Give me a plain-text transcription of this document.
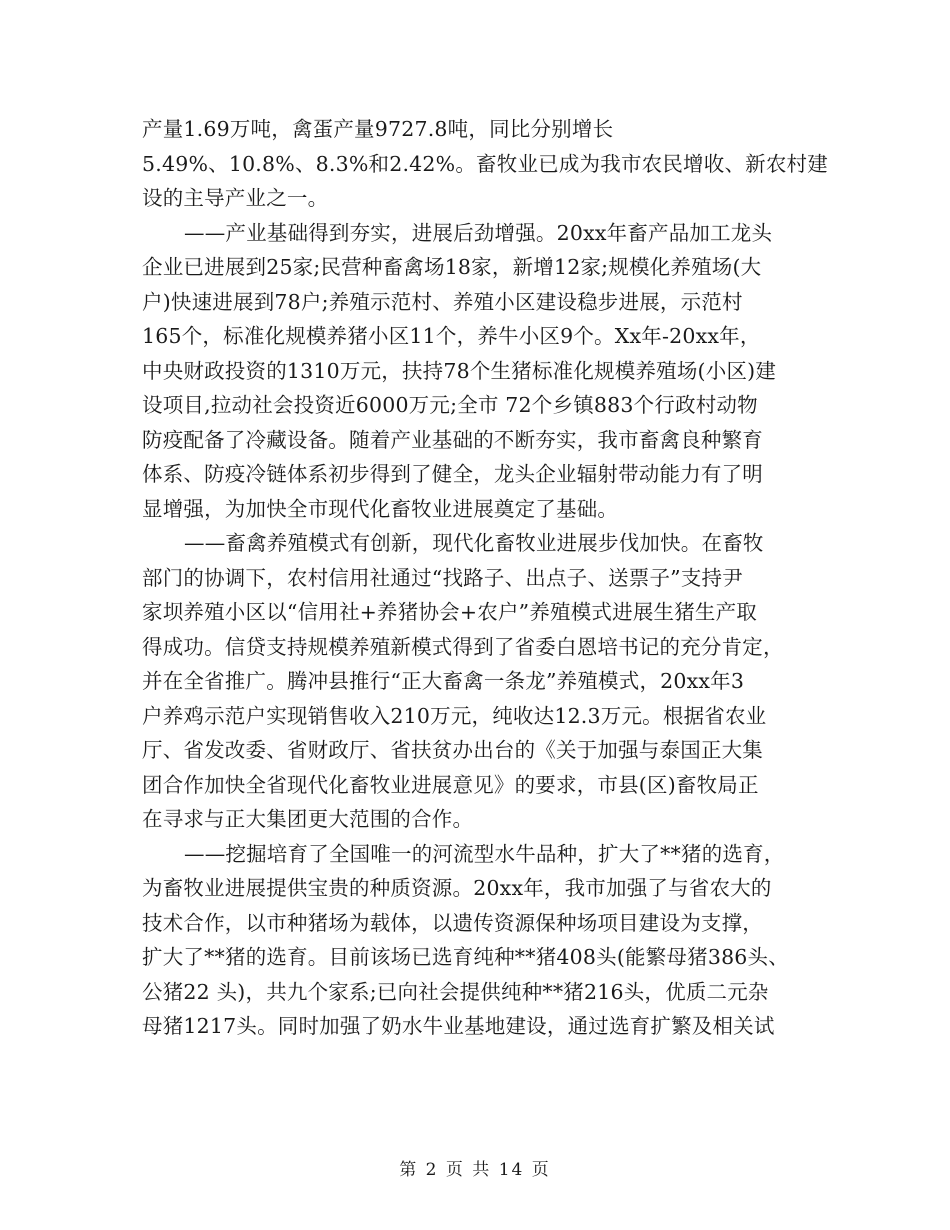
产量1.69万吨，禽蛋产量9727.8吨，同比分别增长
5.49%、10.8%、8.3%和2.42%。畜牧业已成为我市农民增收、新农村建
设的主导产业之一。
——产业基础得到夯实，进展后劲增强。20xx年畜产品加工龙头
企业已进展到25家;民营种畜禽场18家，新增12家;规模化养殖场(大
户)快速进展到78户;养殖示范村、养殖小区建设稳步进展，示范村
165个，标准化规模养猪小区11个，养牛小区9个。Xx年-20xx年，
中央财政投资的1310万元，扶持78个生猪标准化规模养殖场(小区)建
设项目,拉动社会投资近6000万元;全市 72个乡镇883个行政村动物
防疫配备了冷藏设备。随着产业基础的不断夯实，我市畜禽良种繁育
体系、防疫冷链体系初步得到了健全，龙头企业辐射带动能力有了明
显增强，为加快全市现代化畜牧业进展奠定了基础。
——畜禽养殖模式有创新，现代化畜牧业进展步伐加快。在畜牧
部门的协调下，农村信用社通过“找路子、出点子、送票子”支持尹
家坝养殖小区以“信用社+养猪协会+农户”养殖模式进展生猪生产取
得成功。信贷支持规模养殖新模式得到了省委白恩培书记的充分肯定，
并在全省推广。腾冲县推行“正大畜禽一条龙”养殖模式，20xx年3
户养鸡示范户实现销售收入210万元，纯收达12.3万元。根据省农业
厅、省发改委、省财政厅、省扶贫办出台的《关于加强与泰国正大集
团合作加快全省现代化畜牧业进展意见》的要求，市县(区)畜牧局正
在寻求与正大集团更大范围的合作。
——挖掘培育了全国唯一的河流型水牛品种，扩大了**猪的选育，
为畜牧业进展提供宝贵的种质资源。20xx年，我市加强了与省农大的
技术合作，以市种猪场为载体，以遗传资源保种场项目建设为支撑，
扩大了**猪的选育。目前该场已选育纯种**猪408头(能繁母猪386头、
公猪22 头)，共九个家系;已向社会提供纯种**猪216头，优质二元杂
母猪1217头。同时加强了奶水牛业基地建设，通过选育扩繁及相关试
第 2 页 共 14 页
